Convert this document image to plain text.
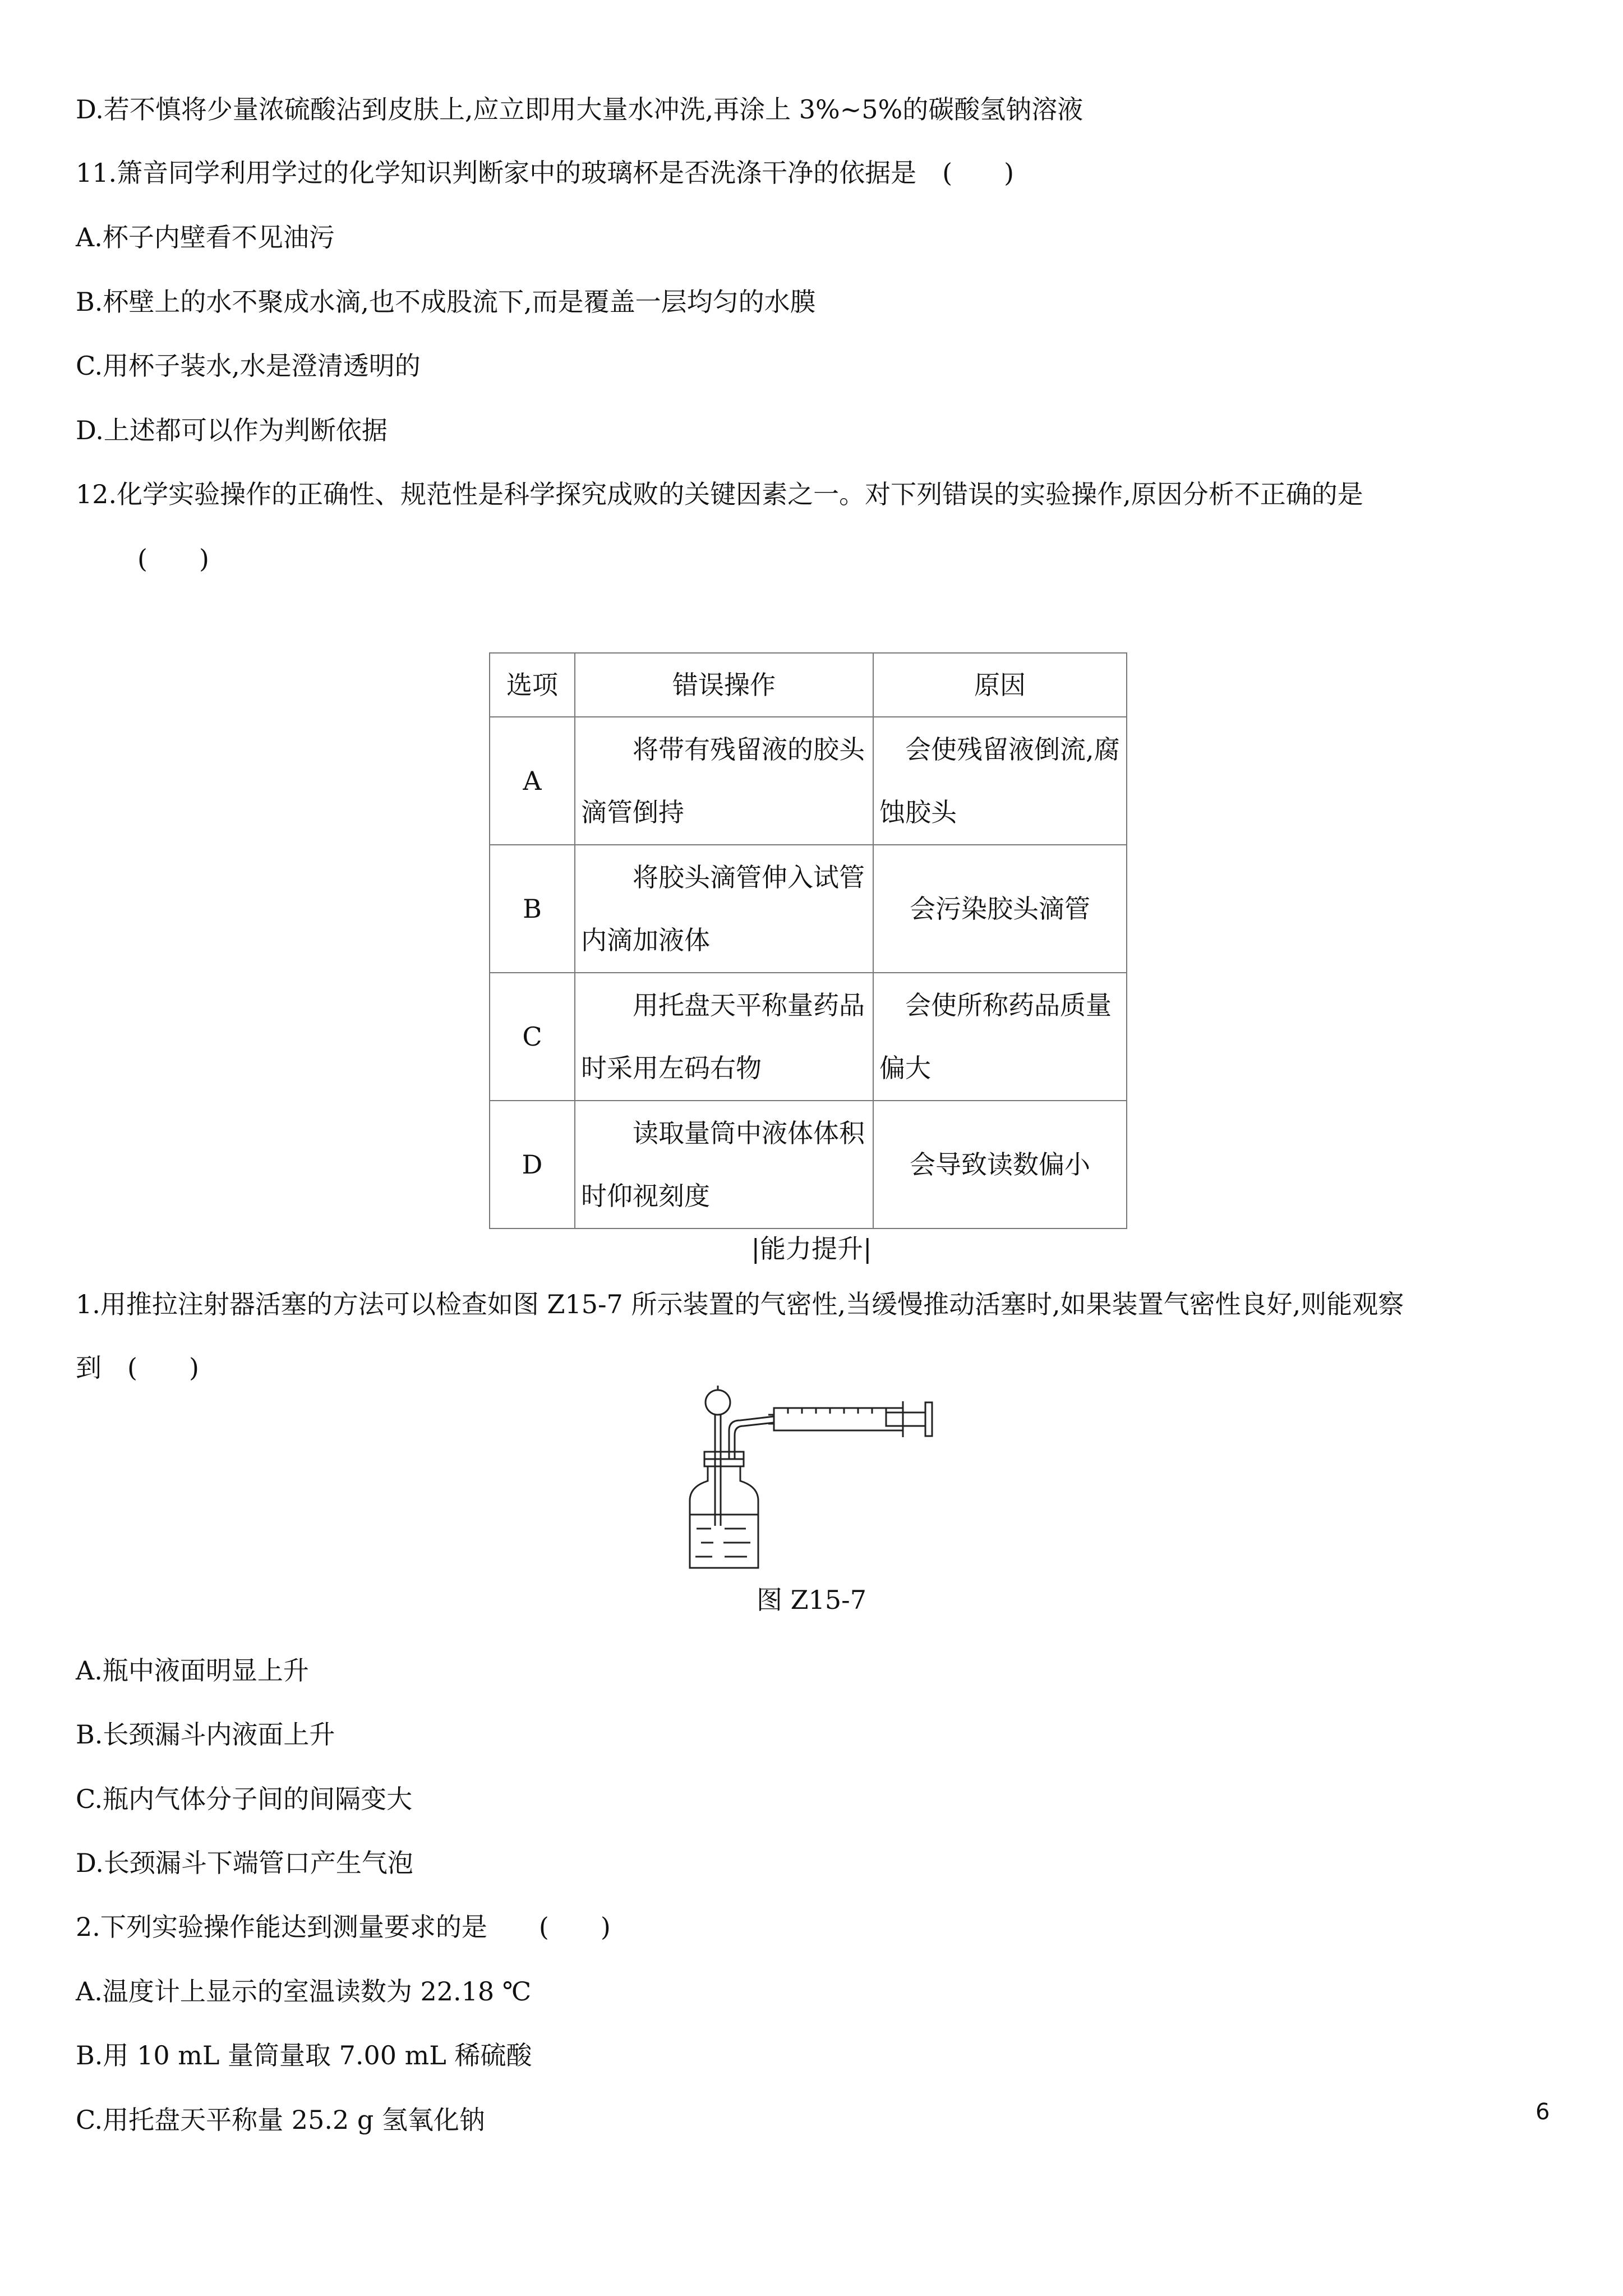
D.若不慎将少量浓硫酸沾到皮肤上,应立即用大量水冲洗,再涂上 3%~5%的碳酸氢钠溶液

11.箫音同学利用学过的化学知识判断家中的玻璃杯是否洗涤干净的依据是　(　　)

A.杯子内壁看不见油污

B.杯壁上的水不聚成水滴,也不成股流下,而是覆盖一层均匀的水膜

C.用杯子装水,水是澄清透明的

D.上述都可以作为判断依据

12.化学实验操作的正确性、规范性是科学探究成败的关键因素之一。对下列错误的实验操作,原因分析不正确的是

(　　)

选项	错误操作	原因
A	将带有残留液的胶头滴管倒持	会使残留液倒流,腐蚀胶头
B	将胶头滴管伸入试管内滴加液体	会污染胶头滴管
C	用托盘天平称量药品时采用左码右物	会使所称药品质量偏大
D	读取量筒中液体体积时仰视刻度	会导致读数偏小
|能力提升|

1.用推拉注射器活塞的方法可以检查如图 Z15-7 所示装置的气密性,当缓慢推动活塞时,如果装置气密性良好,则能观察

到　(　　)

图 Z15-7

A.瓶中液面明显上升

B.长颈漏斗内液面上升

C.瓶内气体分子间的间隔变大

D.长颈漏斗下端管口产生气泡

2.下列实验操作能达到测量要求的是　　(　　)

A.温度计上显示的室温读数为 22.18 ℃

B.用 10 mL 量筒量取 7.00 mL 稀硫酸

C.用托盘天平称量 25.2 g 氢氧化钠	6
